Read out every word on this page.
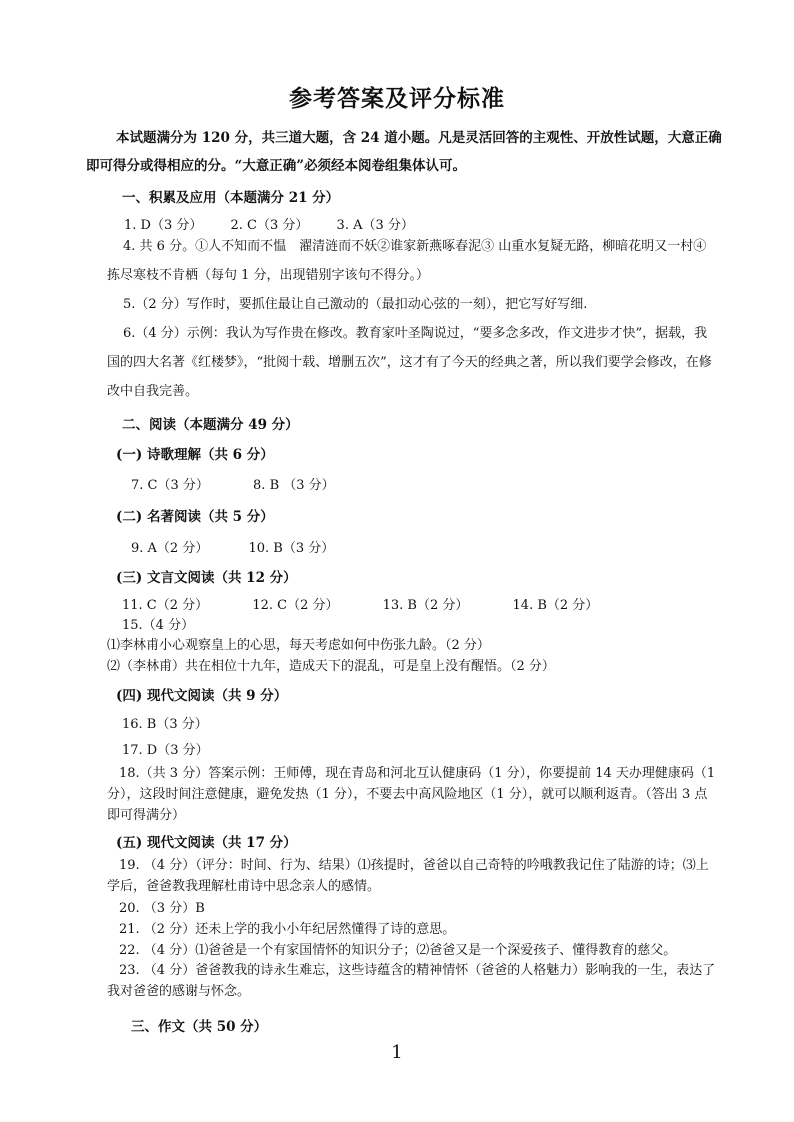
参考答案及评分标准
本试题满分为 120 分，共三道大题，含 24 道小题。凡是灵活回答的主观性、开放性试题，大意正确即可得分或得相应的分。“大意正确”必须经本阅卷组集体认可。
一、积累及应用（本题满分 21 分）
1. D（3 分） 2. C（3 分） 3. A（3 分）
4. 共 6 分。①人不知而不愠　濯清涟而不妖②谁家新燕啄春泥③ 山重水复疑无路，柳暗花明又一村④ 拣尽寒枝不肯栖（每句 1 分，出现错别字该句不得分。）
5.（2 分）写作时，要抓住最让自己激动的（最扣动心弦的一刻），把它写好写细.
6.（4 分）示例：我认为写作贵在修改。教育家叶圣陶说过，“要多念多改，作文进步才快”，据载，我国的四大名著《红楼梦》，“批阅十载、增删五次”，这才有了今天的经典之著，所以我们要学会修改，在修改中自我完善。
二、阅读（本题满分 49 分）
(一) 诗歌理解（共 6 分）
7. C（3 分）	8. B （3 分）
(二) 名著阅读（共 5 分）
9. A（2 分）	10. B（3 分）
(三) 文言文阅读（共 12 分）
11. C（2 分）	12. C（2 分）	13. B（2 分）	14. B（2 分）
15.（4 分）
⑴李林甫小心观察皇上的心思，每天考虑如何中伤张九龄。（2 分）
⑵（李林甫）共在相位十九年，造成天下的混乱，可是皇上没有醒悟。（2 分）
(四) 现代文阅读（共 9 分）
16. B（3 分）
17. D（3 分）
18.（共 3 分）答案示例：王师傅，现在青岛和河北互认健康码（1 分），你要提前 14 天办理健康码（1 分），这段时间注意健康，避免发热（1 分），不要去中高风险地区（1 分），就可以顺利返青。（答出 3 点即可得满分）
(五) 现代文阅读（共 17 分）
19. （4 分）（评分：时间、行为、结果）⑴孩提时，爸爸以自己奇特的吟哦教我记住了陆游的诗；⑶上学后，爸爸教我理解杜甫诗中思念亲人的感情。
20. （3 分）B
21. （2 分）还未上学的我小小年纪居然懂得了诗的意思。
22. （4 分）⑴爸爸是一个有家国情怀的知识分子；⑵爸爸又是一个深爱孩子、懂得教育的慈父。
23. （4 分）爸爸教我的诗永生难忘，这些诗蕴含的精神情怀（爸爸的人格魅力）影响我的一生，表达了我对爸爸的感谢与怀念。
三、作文（共 50 分）
1
